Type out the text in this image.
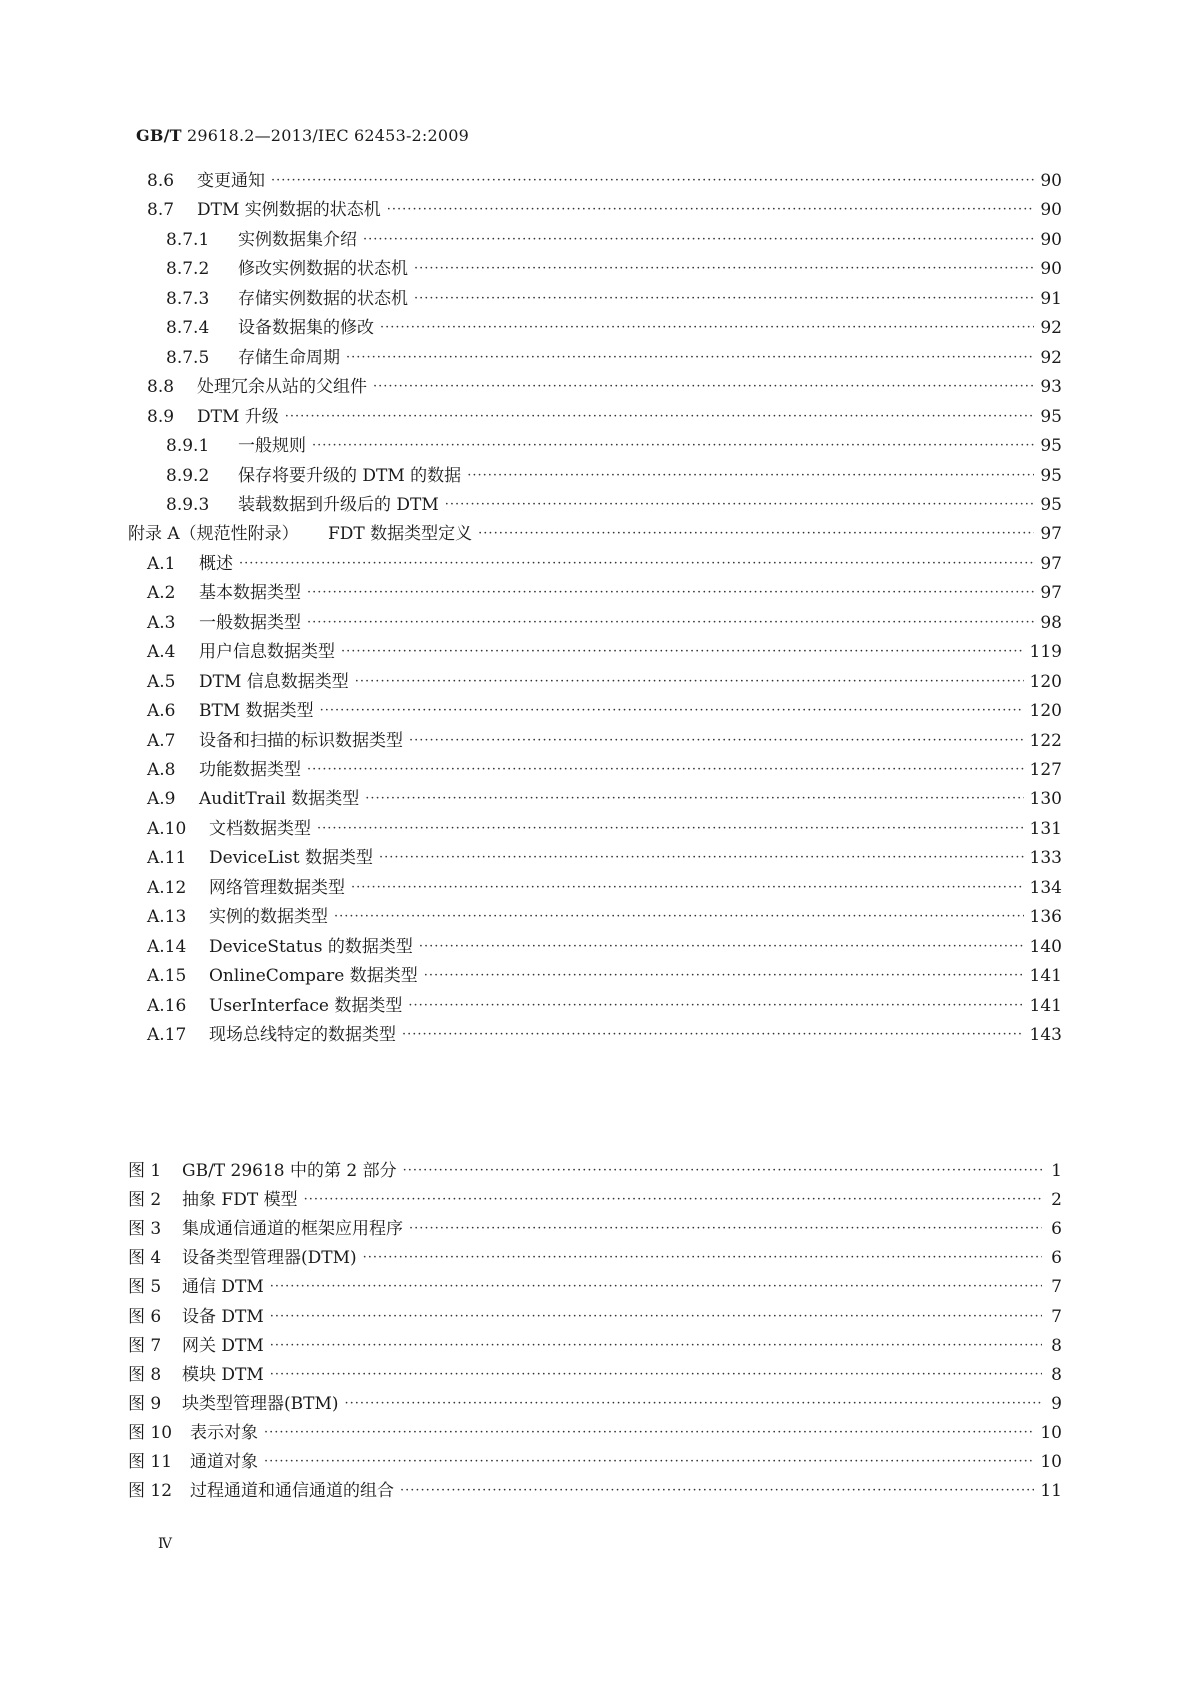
GB/T 29618.2—2013/IEC 62453-2:2009
8.6	变更通知 ·····	90
8.7	DTM 实例数据的状态机 ·····	90
8.7.1	实例数据集介绍 ·····	90
8.7.2	修改实例数据的状态机 ·····	90
8.7.3	存储实例数据的状态机 ·····	91
8.7.4	设备数据集的修改 ·····	92
8.7.5	存储生命周期 ·····	92
8.8	处理冗余从站的父组件 ·····	93
8.9	DTM 升级 ·····	95
8.9.1	一般规则 ·····	95
8.9.2	保存将要升级的 DTM 的数据 ·····	95
8.9.3	装载数据到升级后的 DTM ·····	95
附录 A（规范性附录）	FDT 数据类型定义 ·····	97
A.1	概述 ·····	97
A.2	基本数据类型 ·····	97
A.3	一般数据类型 ·····	98
A.4	用户信息数据类型 ·····	119
A.5	DTM 信息数据类型 ·····	120
A.6	BTM 数据类型 ·····	120
A.7	设备和扫描的标识数据类型 ·····	122
A.8	功能数据类型 ·····	127
A.9	AuditTrail 数据类型 ·····	130
A.10	文档数据类型 ·····	131
A.11	DeviceList 数据类型 ·····	133
A.12	网络管理数据类型 ·····	134
A.13	实例的数据类型 ·····	136
A.14	DeviceStatus 的数据类型 ·····	140
A.15	OnlineCompare 数据类型 ·····	141
A.16	UserInterface 数据类型 ·····	141
A.17	现场总线特定的数据类型 ·····	143
图 1	GB/T 29618 中的第 2 部分 ·····	1
图 2	抽象 FDT 模型 ·····	2
图 3	集成通信通道的框架应用程序 ·····	6
图 4	设备类型管理器(DTM) ·····	6
图 5	通信 DTM ·····	7
图 6	设备 DTM ·····	7
图 7	网关 DTM ·····	8
图 8	模块 DTM ·····	8
图 9	块类型管理器(BTM) ·····	9
图 10	表示对象 ·····	10
图 11	通道对象 ·····	10
图 12	过程通道和通信通道的组合 ·····	11
Ⅳ
